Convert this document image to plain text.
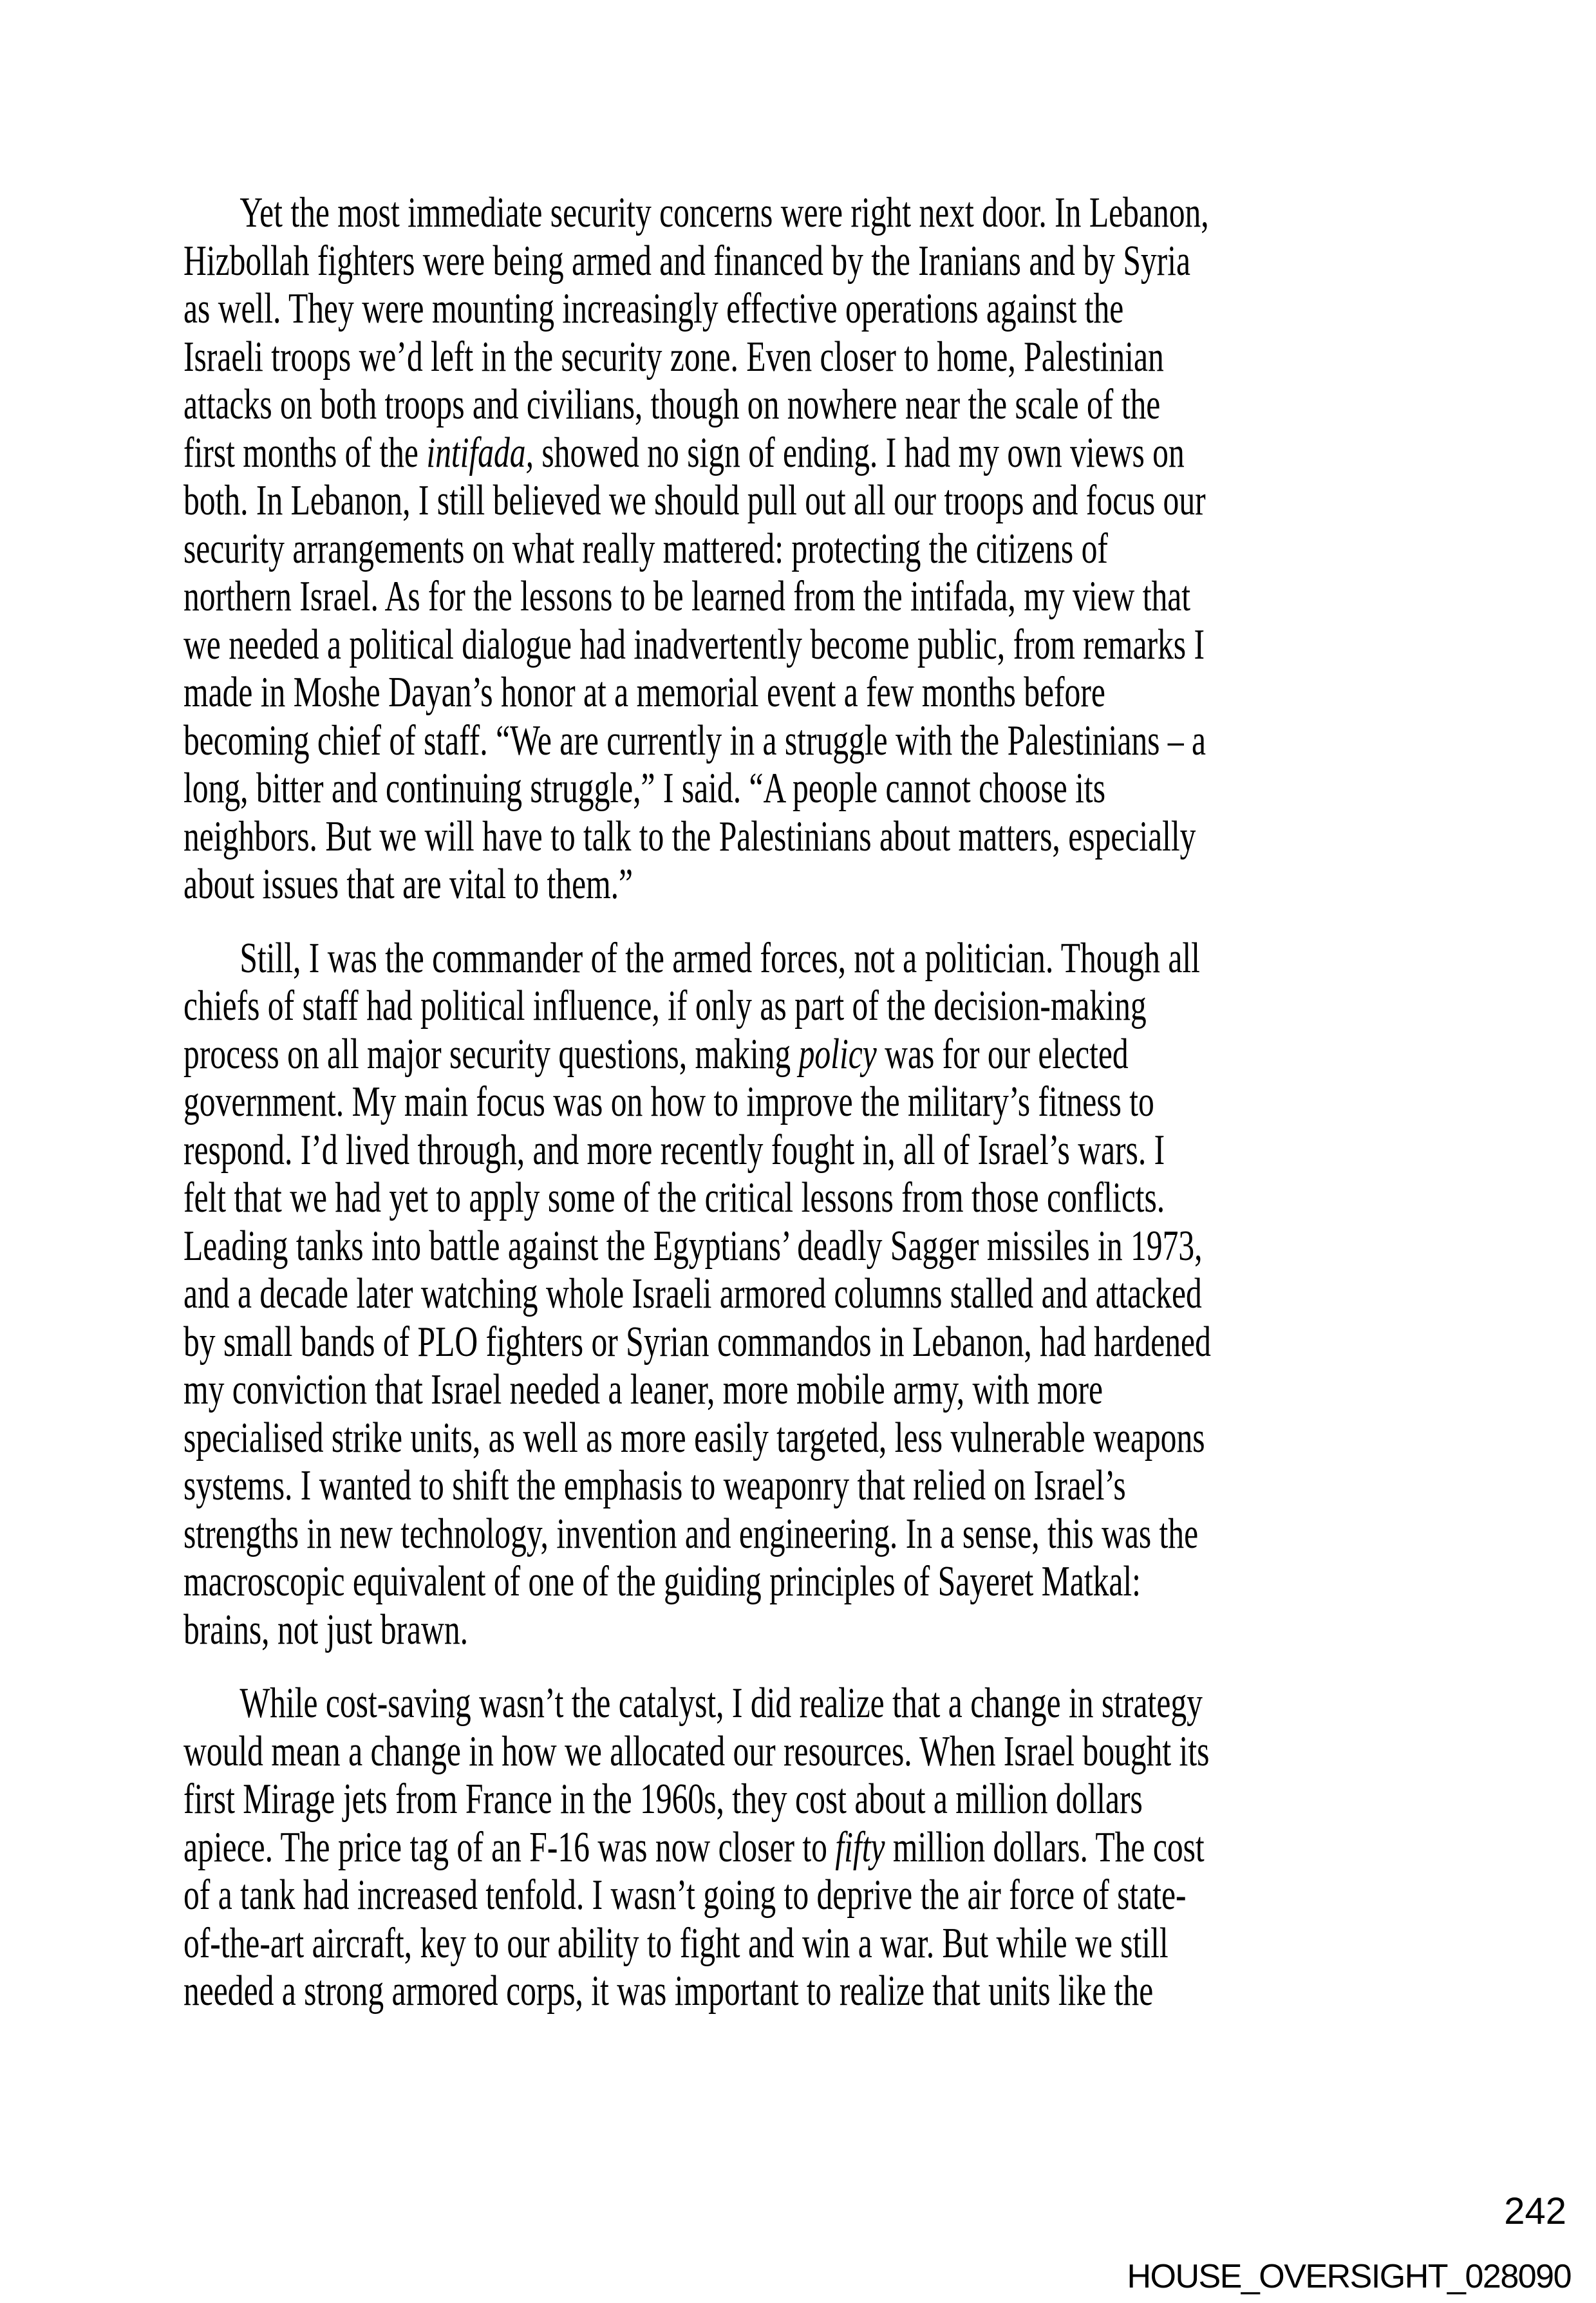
Yet the most immediate security concerns were right next door. In Lebanon,
Hizbollah fighters were being armed and financed by the Iranians and by Syria
as well. They were mounting increasingly effective operations against the
Israeli troops we’d left in the security zone. Even closer to home, Palestinian
attacks on both troops and civilians, though on nowhere near the scale of the
first months of the intifada, showed no sign of ending. I had my own views on
both. In Lebanon, I still believed we should pull out all our troops and focus our
security arrangements on what really mattered: protecting the citizens of
northern Israel. As for the lessons to be learned from the intifada, my view that
we needed a political dialogue had inadvertently become public, from remarks I
made in Moshe Dayan’s honor at a memorial event a few months before
becoming chief of staff. “We are currently in a struggle with the Palestinians – a
long, bitter and continuing struggle,” I said. “A people cannot choose its
neighbors. But we will have to talk to the Palestinians about matters, especially
about issues that are vital to them.”
Still, I was the commander of the armed forces, not a politician. Though all
chiefs of staff had political influence, if only as part of the decision-making
process on all major security questions, making policy was for our elected
government. My main focus was on how to improve the military’s fitness to
respond. I’d lived through, and more recently fought in, all of Israel’s wars. I
felt that we had yet to apply some of the critical lessons from those conflicts.
Leading tanks into battle against the Egyptians’ deadly Sagger missiles in 1973,
and a decade later watching whole Israeli armored columns stalled and attacked
by small bands of PLO fighters or Syrian commandos in Lebanon, had hardened
my conviction that Israel needed a leaner, more mobile army, with more
specialised strike units, as well as more easily targeted, less vulnerable weapons
systems. I wanted to shift the emphasis to weaponry that relied on Israel’s
strengths in new technology, invention and engineering. In a sense, this was the
macroscopic equivalent of one of the guiding principles of Sayeret Matkal:
brains, not just brawn.
While cost-saving wasn’t the catalyst, I did realize that a change in strategy
would mean a change in how we allocated our resources. When Israel bought its
first Mirage jets from France in the 1960s, they cost about a million dollars
apiece. The price tag of an F-16 was now closer to fifty million dollars. The cost
of a tank had increased tenfold. I wasn’t going to deprive the air force of state-
of-the-art aircraft, key to our ability to fight and win a war. But while we still
needed a strong armored corps, it was important to realize that units like the
242
HOUSE_OVERSIGHT_028090
